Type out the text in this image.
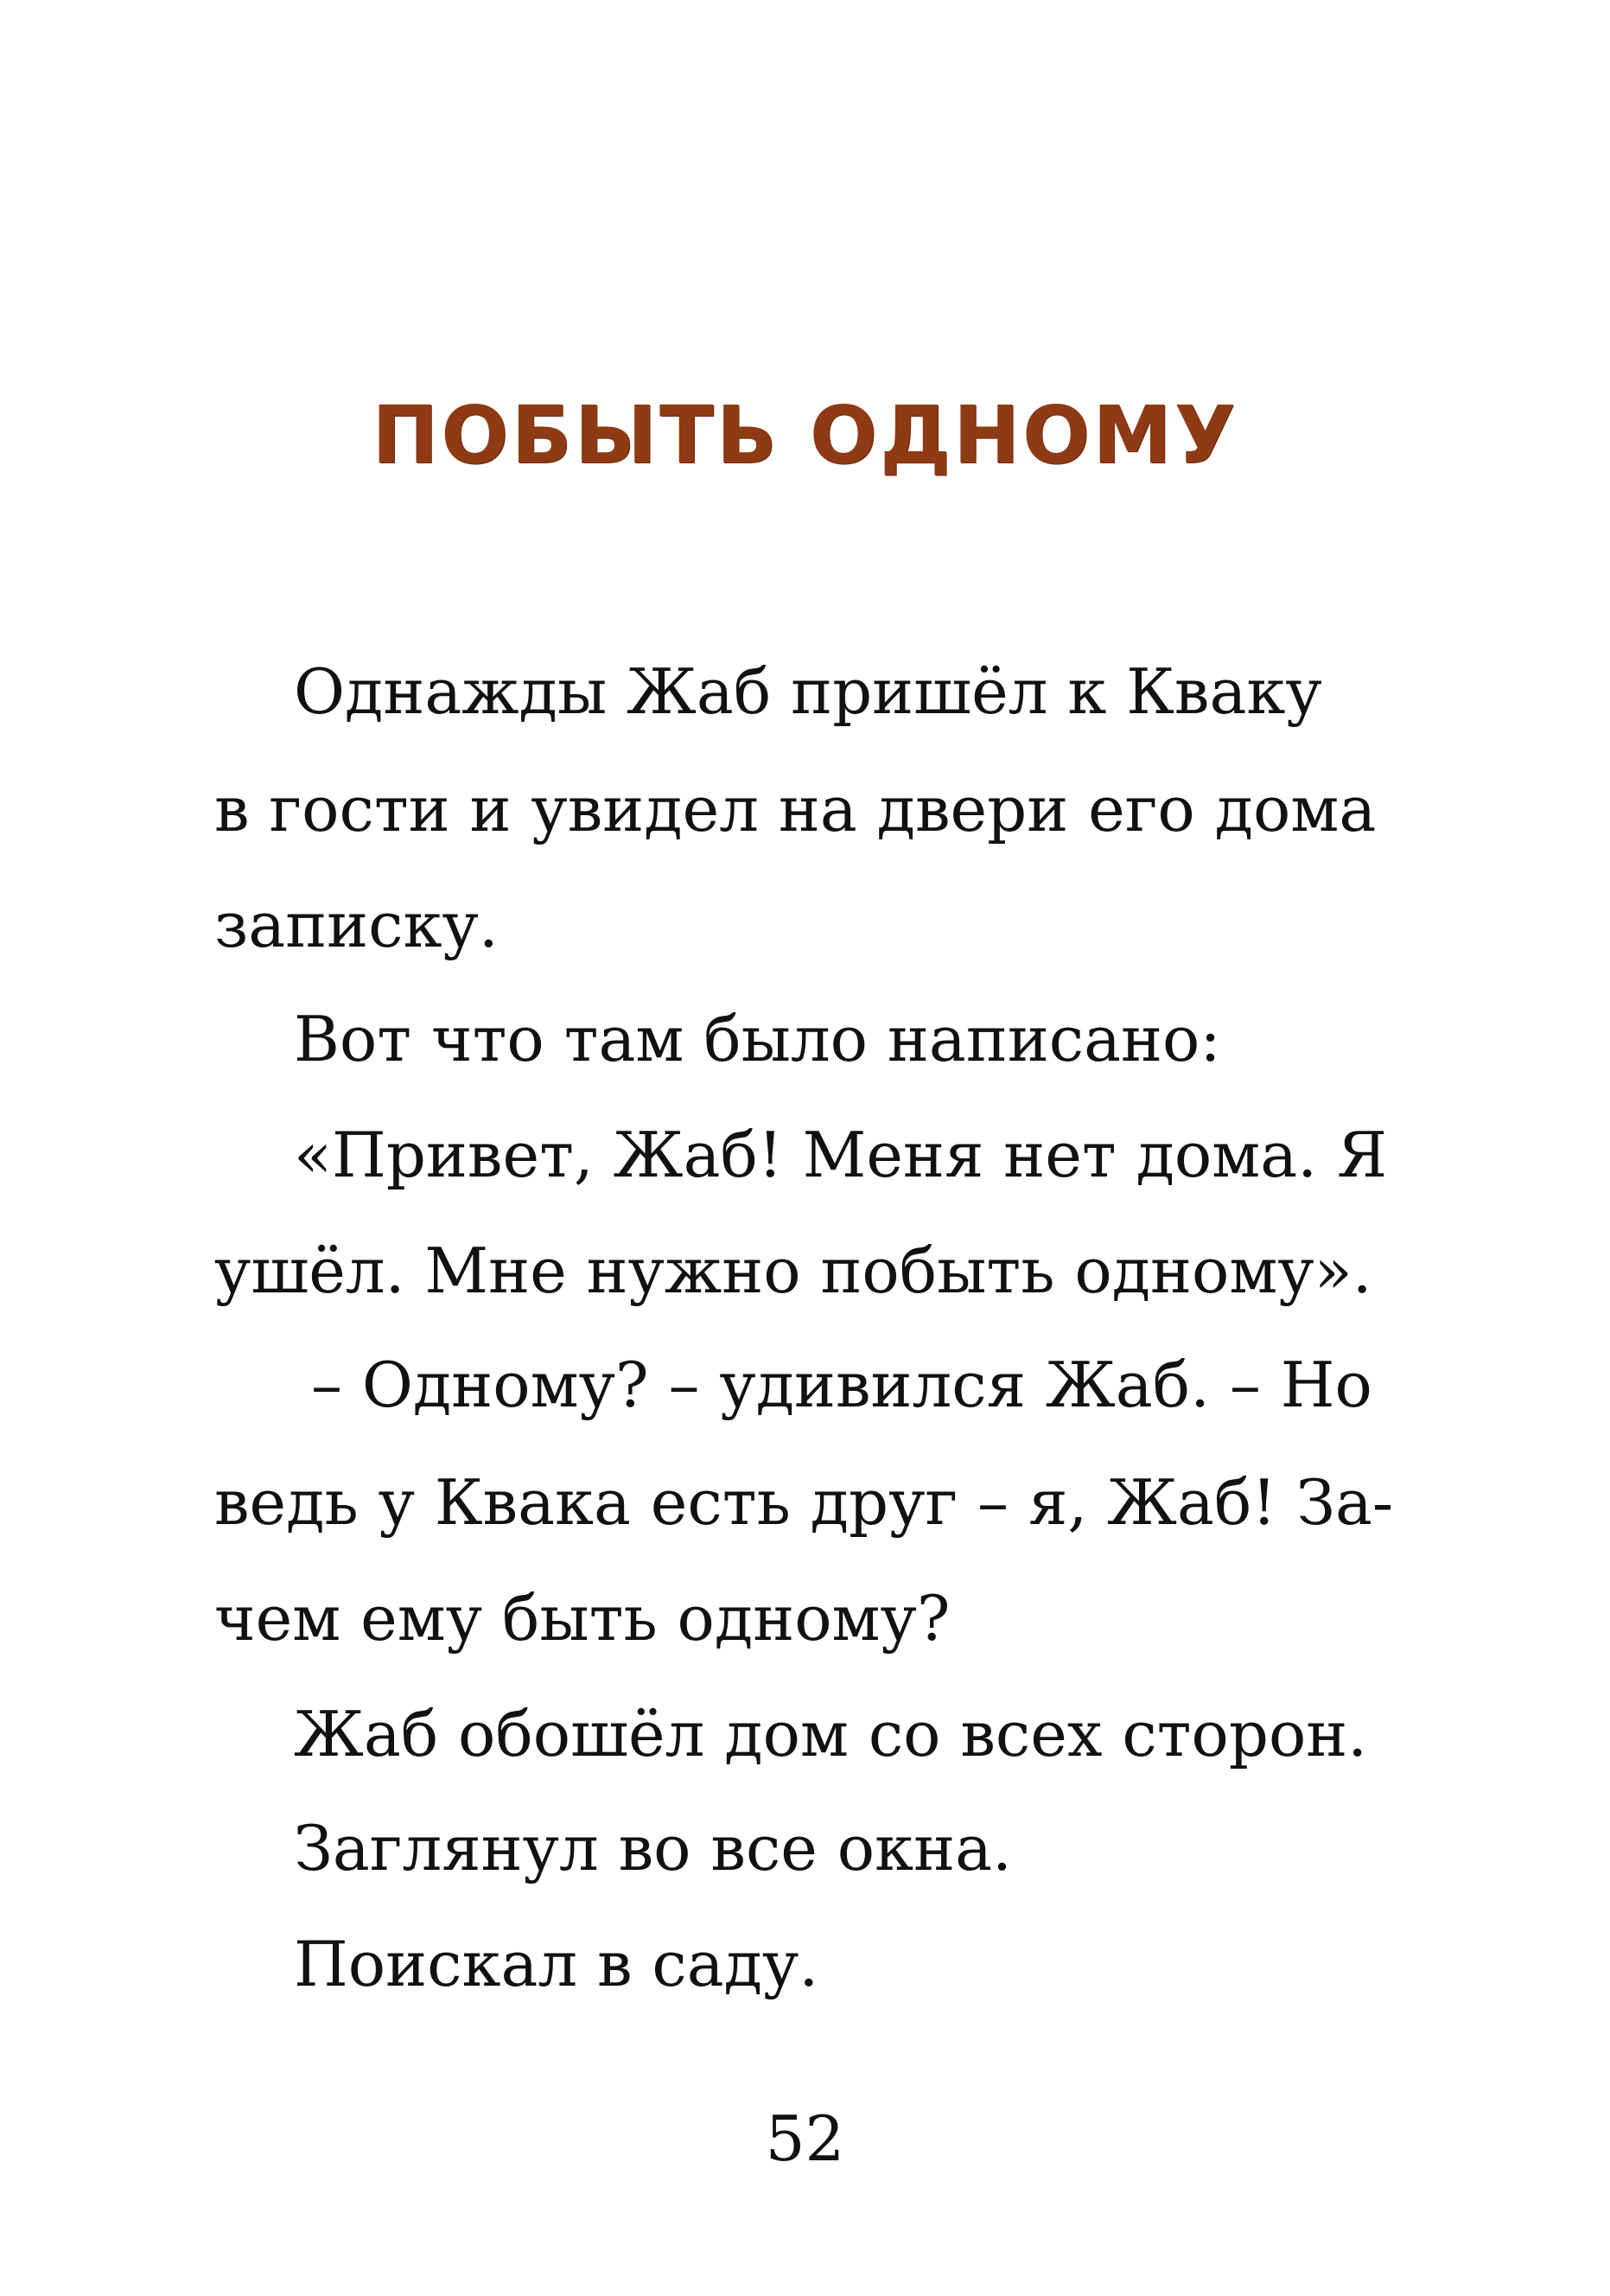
ПОБЫТЬ ОДНОМУ
Однажды Жаб пришёл к Кваку
в гости и увидел на двери его дома
записку.
Вот что там было написано:
«Привет, Жаб! Меня нет дома. Я
ушёл. Мне нужно побыть одному».
– Одному? – удивился Жаб. – Но
ведь у Квака есть друг – я, Жаб! За-
чем ему быть одному?
Жаб обошёл дом со всех сторон.
Заглянул во все окна.
Поискал в саду.
52
